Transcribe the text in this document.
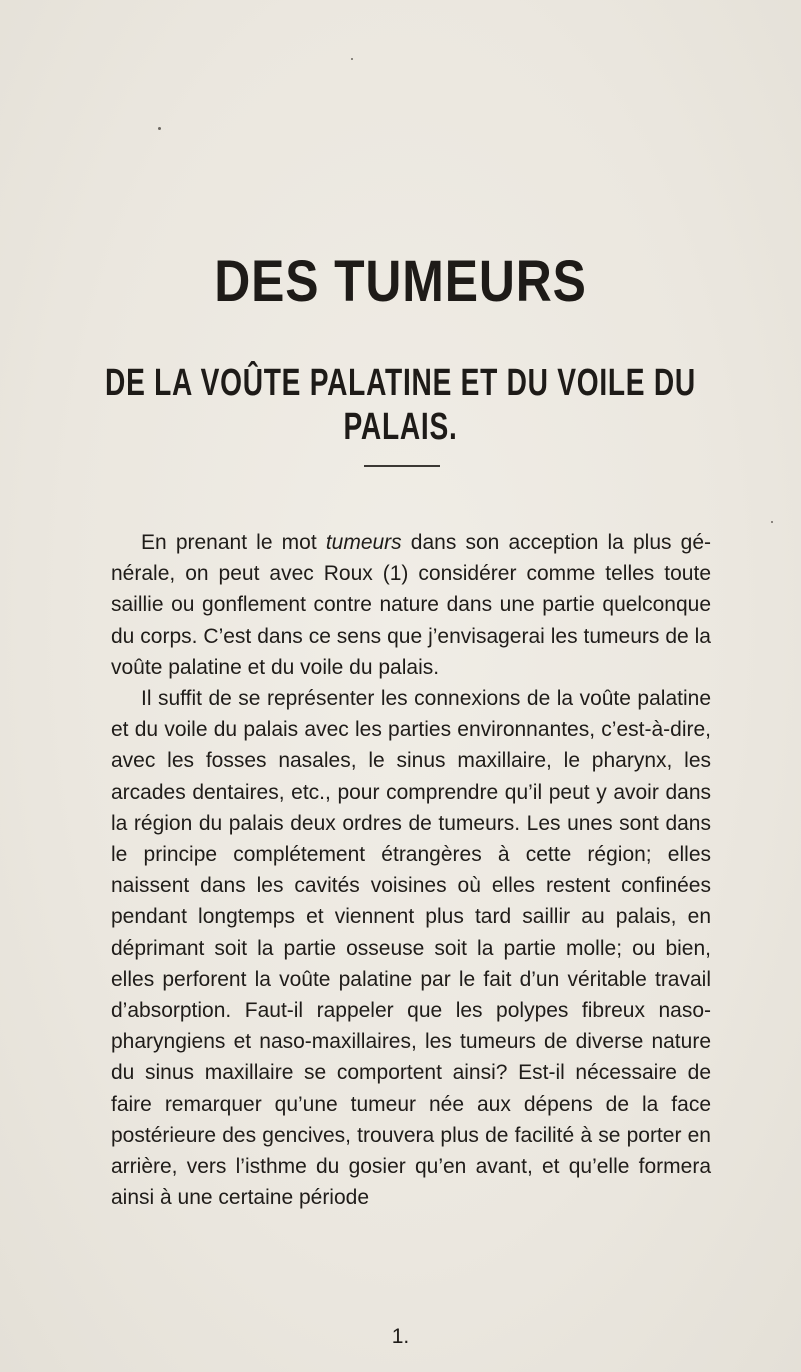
DES TUMEURS
DE LA VOÛTE PALATINE ET DU VOILE DU PALAIS.

En prenant le mot tumeurs dans son acception la plus générale, on peut avec Roux (1) considérer comme telles toute saillie ou gonflement contre nature dans une partie quelconque du corps. C’est dans ce sens que j’envisagerai les tumeurs de la voûte palatine et du voile du palais.

Il suffit de se représenter les connexions de la voûte palatine et du voile du palais avec les parties environnantes, c’est-à-dire, avec les fosses nasales, le sinus maxillaire, le pharynx, les arcades dentaires, etc., pour comprendre qu’il peut y avoir dans la région du palais deux ordres de tumeurs. Les unes sont dans le principe complétement étrangères à cette région; elles naissent dans les cavités voisines où elles restent confinées pendant longtemps et viennent plus tard saillir au palais, en déprimant soit la partie osseuse soit la partie molle; ou bien, elles perforent la voûte palatine par le fait d’un véritable travail d’absorption. Faut-il rappeler que les polypes fibreux naso-pharyngiens et naso-maxillaires, les tumeurs de diverse nature du sinus maxillaire se comportent ainsi? Est-il nécessaire de faire remarquer qu’une tumeur née aux dépens de la face postérieure des gencives, trouvera plus de facilité à se porter en arrière, vers l’isthme du gosier qu’en avant, et qu’elle formera ainsi à une certaine période

1.
